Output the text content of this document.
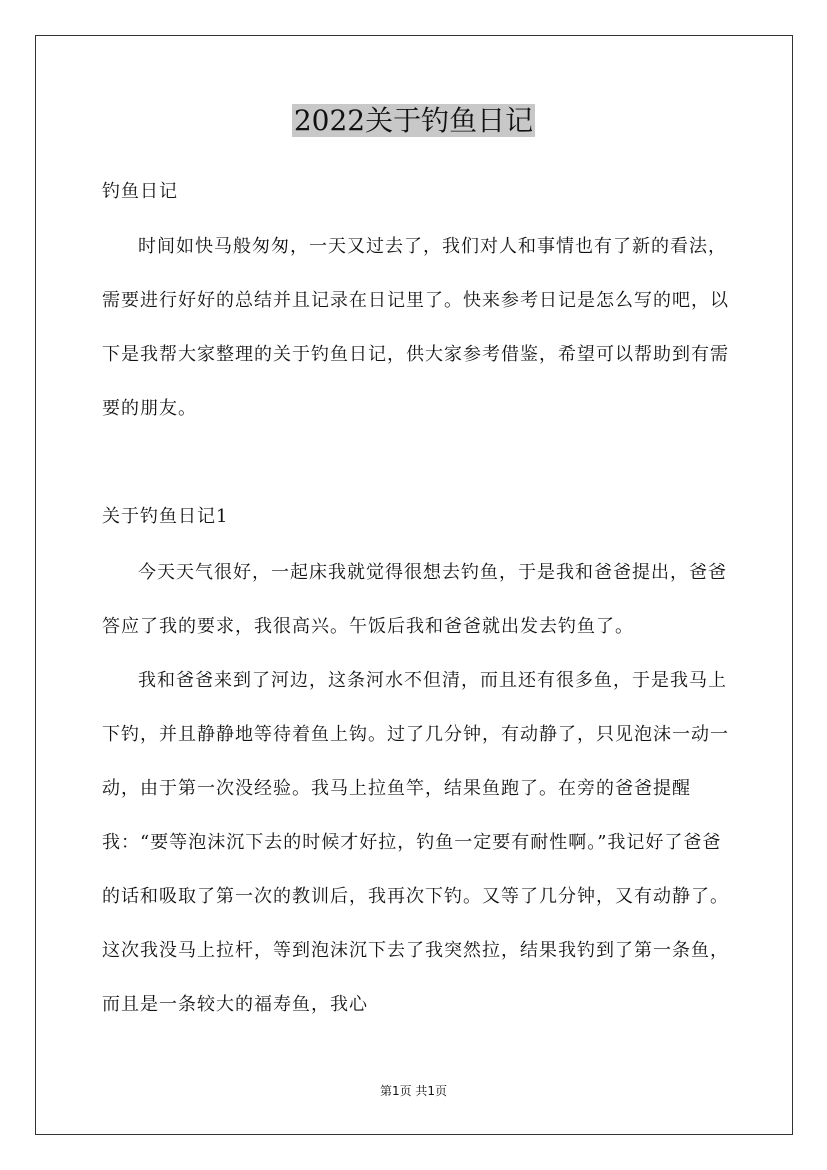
2022关于钓鱼日记

钓鱼日记

时间如快马般匆匆，一天又过去了，我们对人和事情也有了新的看法，需要进行好好的总结并且记录在日记里了。快来参考日记是怎么写的吧，以下是我帮大家整理的关于钓鱼日记，供大家参考借鉴，希望可以帮助到有需要的朋友。

关于钓鱼日记1

今天天气很好，一起床我就觉得很想去钓鱼，于是我和爸爸提出，爸爸答应了我的要求，我很高兴。午饭后我和爸爸就出发去钓鱼了。

我和爸爸来到了河边，这条河水不但清，而且还有很多鱼，于是我马上下钓，并且静静地等待着鱼上钩。过了几分钟，有动静了，只见泡沫一动一动，由于第一次没经验。我马上拉鱼竿，结果鱼跑了。在旁的爸爸提醒我：“要等泡沫沉下去的时候才好拉，钓鱼一定要有耐性啊。”我记好了爸爸的话和吸取了第一次的教训后，我再次下钓。又等了几分钟，又有动静了。这次我没马上拉杆，等到泡沫沉下去了我突然拉，结果我钓到了第一条鱼，而且是一条较大的福寿鱼，我心

第1页 共1页
